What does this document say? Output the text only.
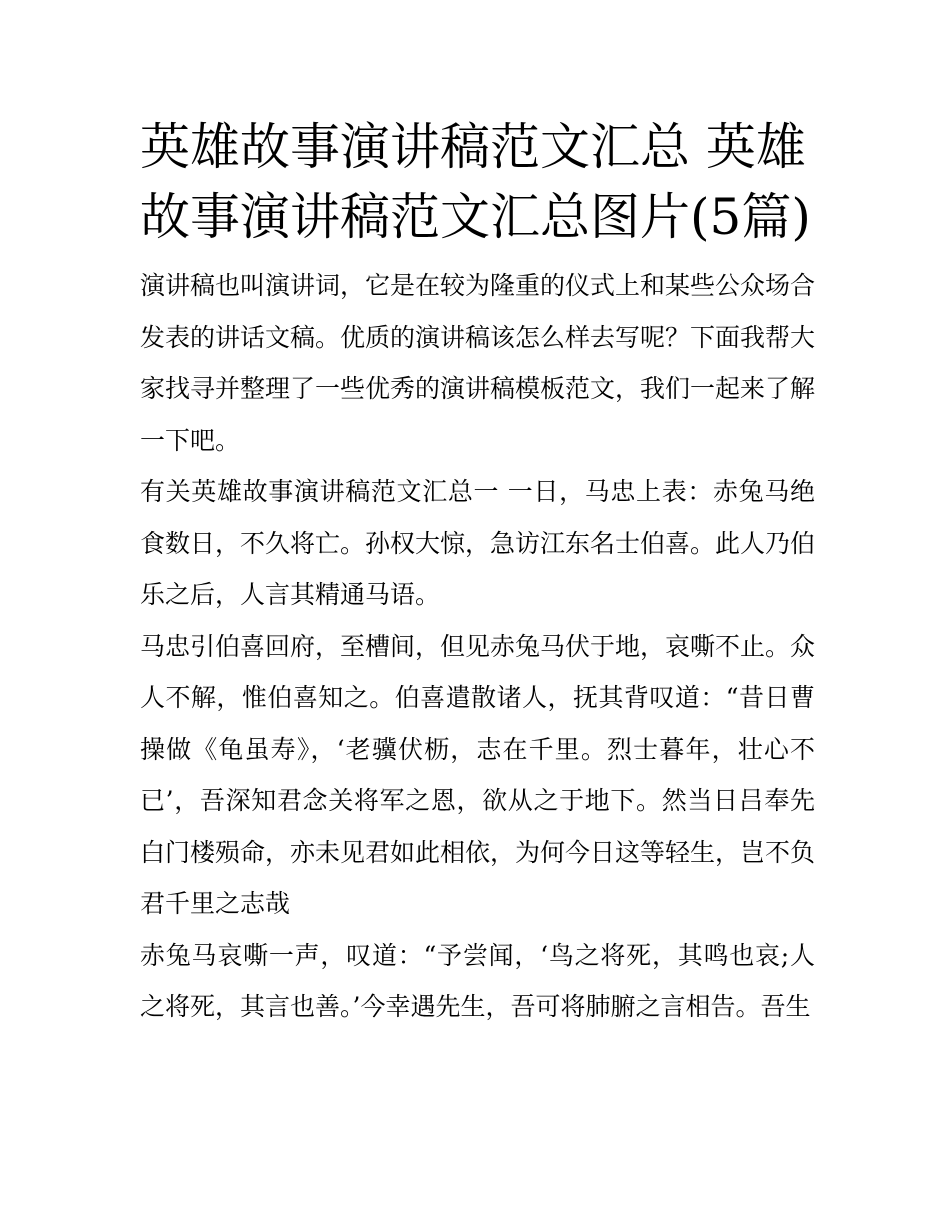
英雄故事演讲稿范文汇总 英雄故事演讲稿范文汇总图片(5篇)

演讲稿也叫演讲词，它是在较为隆重的仪式上和某些公众场合发表的讲话文稿。优质的演讲稿该怎么样去写呢？下面我帮大家找寻并整理了一些优秀的演讲稿模板范文，我们一起来了解一下吧。

有关英雄故事演讲稿范文汇总一 一日，马忠上表：赤兔马绝食数日，不久将亡。孙权大惊，急访江东名士伯喜。此人乃伯乐之后，人言其精通马语。

马忠引伯喜回府，至槽间，但见赤兔马伏于地，哀嘶不止。众人不解，惟伯喜知之。伯喜遣散诸人，抚其背叹道：“昔日曹操做《龟虽寿》，‘老骥伏枥，志在千里。烈士暮年，壮心不已’，吾深知君念关将军之恩，欲从之于地下。然当日吕奉先白门楼殒命，亦未见君如此相依，为何今日这等轻生，岂不负君千里之志哉

赤兔马哀嘶一声，叹道：“予尝闻，‘鸟之将死，其鸣也哀;人之将死，其言也善。’今幸遇先生，吾可将肺腑之言相告。吾生
